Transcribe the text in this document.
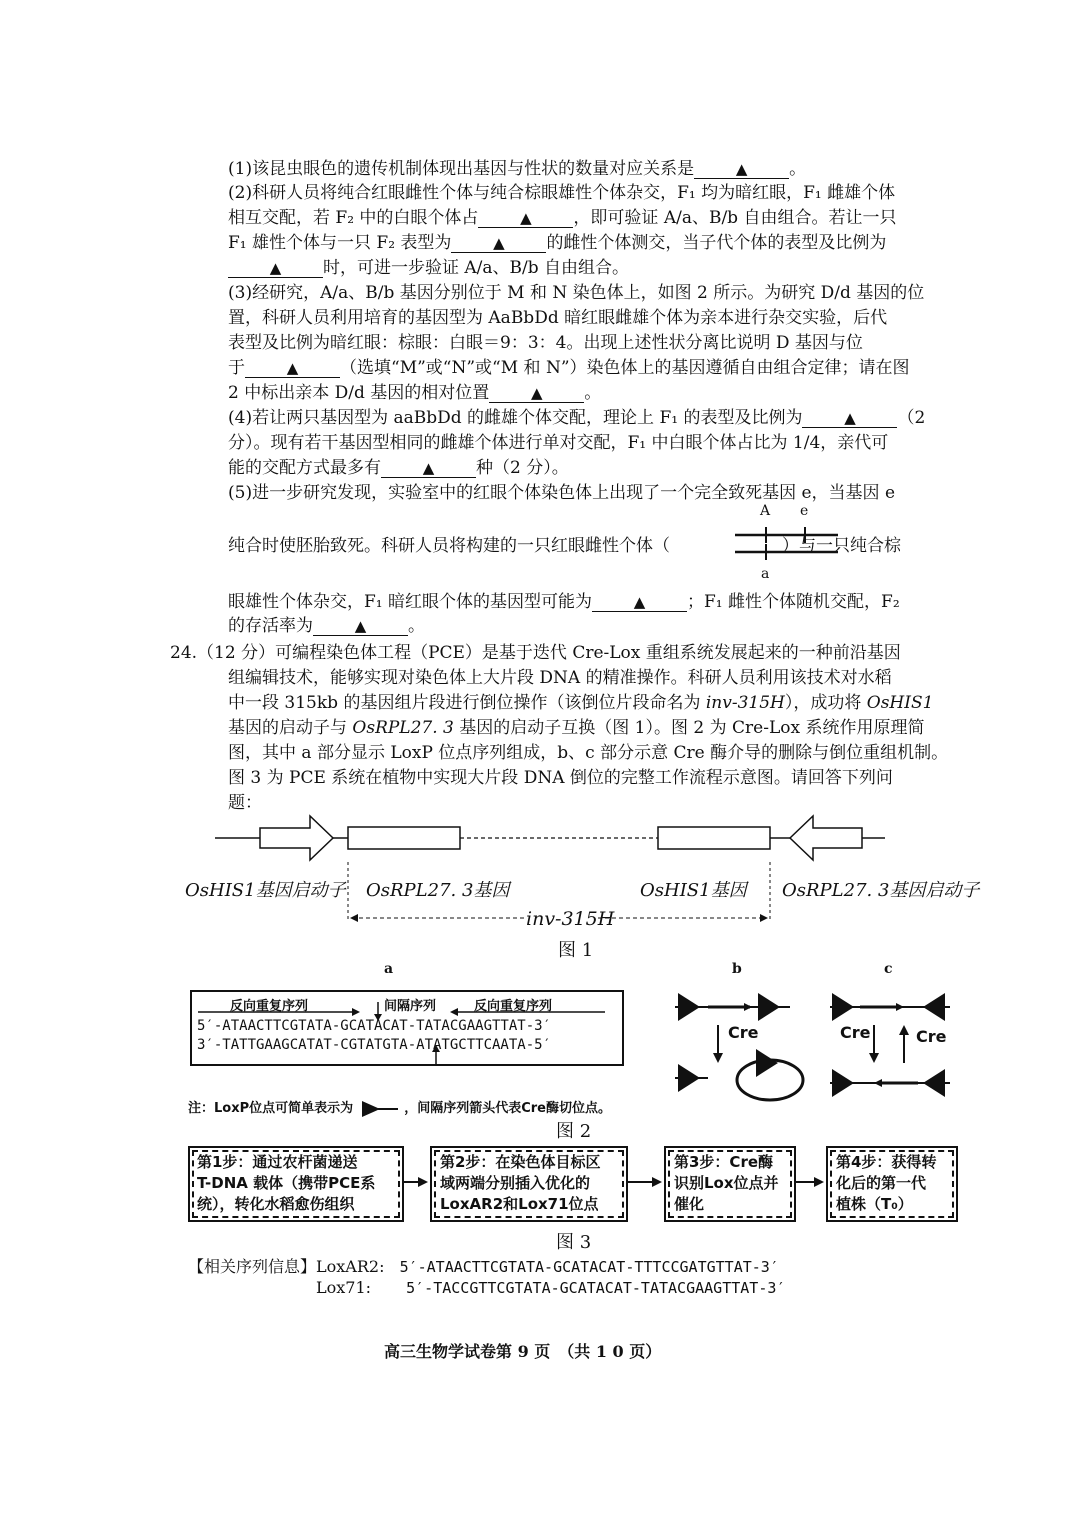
(1)该昆虫眼色的遗传机制体现出基因与性状的数量对应关系是	▲ 。
(2)科研人员将纯合红眼雌性个体与纯合棕眼雄性个体杂交，F₁ 均为暗红眼，F₁ 雌雄个体
相互交配，若 F₂ 中的白眼个体占	▲ ，即可验证 A/a、B/b 自由组合。若让一只
F₁ 雄性个体与一只 F₂ 表型为	▲ 的雌性个体测交，当子代个体的表型及比例为
▲ 时，可进一步验证 A/a、B/b 自由组合。
(3)经研究，A/a、B/b 基因分别位于 M 和 N 染色体上，如图 2 所示。为研究 D/d 基因的位
置，科研人员利用培育的基因型为 AaBbDd 暗红眼雌雄个体为亲本进行杂交实验，后代
表型及比例为暗红眼：棕眼：白眼＝9：3：4。出现上述性状分离比说明 D 基因与位
于	▲ （选填“M”或“N”或“M 和 N”）染色体上的基因遵循自由组合定律；请在图
2 中标出亲本 D/d 基因的相对位置	▲ 。
(4)若让两只基因型为 aaBbDd 的雌雄个体交配，理论上 F₁ 的表型及比例为	▲ （2
分）。现有若干基因型相同的雌雄个体进行单对交配，F₁ 中白眼个体占比为 1/4，亲代可
能的交配方式最多有	▲ 种（2 分）。
(5)进一步研究发现，实验室中的红眼个体染色体上出现了一个完全致死基因 e，当基因 e
纯合时使胚胎致死。科研人员将构建的一只红眼雌性个体（	）与一只纯合棕
眼雄性个体杂交，F₁ 暗红眼个体的基因型可能为	▲ ；F₁ 雌性个体随机交配，F₂
的存活率为	▲ 。
A e
a
24.（12 分）可编程染色体工程（PCE）是基于迭代 Cre-Lox 重组系统发展起来的一种前沿基因
组编辑技术，能够实现对染色体上大片段 DNA 的精准操作。科研人员利用该技术对水稻
中一段 315kb 的基因组片段进行倒位操作（该倒位片段命名为 inv-315H），成功将 OsHIS1
基因的启动子与 OsRPL27. 3 基因的启动子互换（图 1）。图 2 为 Cre-Lox 系统作用原理简
图，其中 a 部分显示 LoxP 位点序列组成，b、c 部分示意 Cre 酶介导的删除与倒位重组机制。
图 3 为 PCE 系统在植物中实现大片段 DNA 倒位的完整工作流程示意图。请回答下列问
题：
OsHIS1基因启动子 OsRPL27. 3基因	OsHIS1基因 OsRPL27. 3基因启动子
inv-315H
图 1
a	b	c
反向重复序列	间隔序列	反向重复序列
5′-ATAACTTCGTATA-GCATACAT-TATACGAAGTTAT-3′
3′-TATTGAAGCATAT-CGTATGTA-ATATGCTTCAATA-5′
Cre	Cre	Cre
注：LoxP位点可简单表示为	，间隔序列箭头代表Cre酶切位点。
图 2
第1步：通过农杆菌递送
T-DNA 载体（携带PCE系
统），转化水稻愈伤组织
第2步：在染色体目标区
域两端分别插入优化的
LoxAR2和Lox71位点
第3步：Cre酶
识别Lox位点并
催化
第4步：获得转
化后的第一代
植株（T₀）
图 3
【相关序列信息】LoxAR2: 5′-ATAACTTCGTATA-GCATACAT-TTTCCGATGTTAT-3′
Lox71: 5′-TACCGTTCGTATA-GCATACAT-TATACGAAGTTAT-3′
高三生物学试卷第 9 页　（共 1 0 页）
